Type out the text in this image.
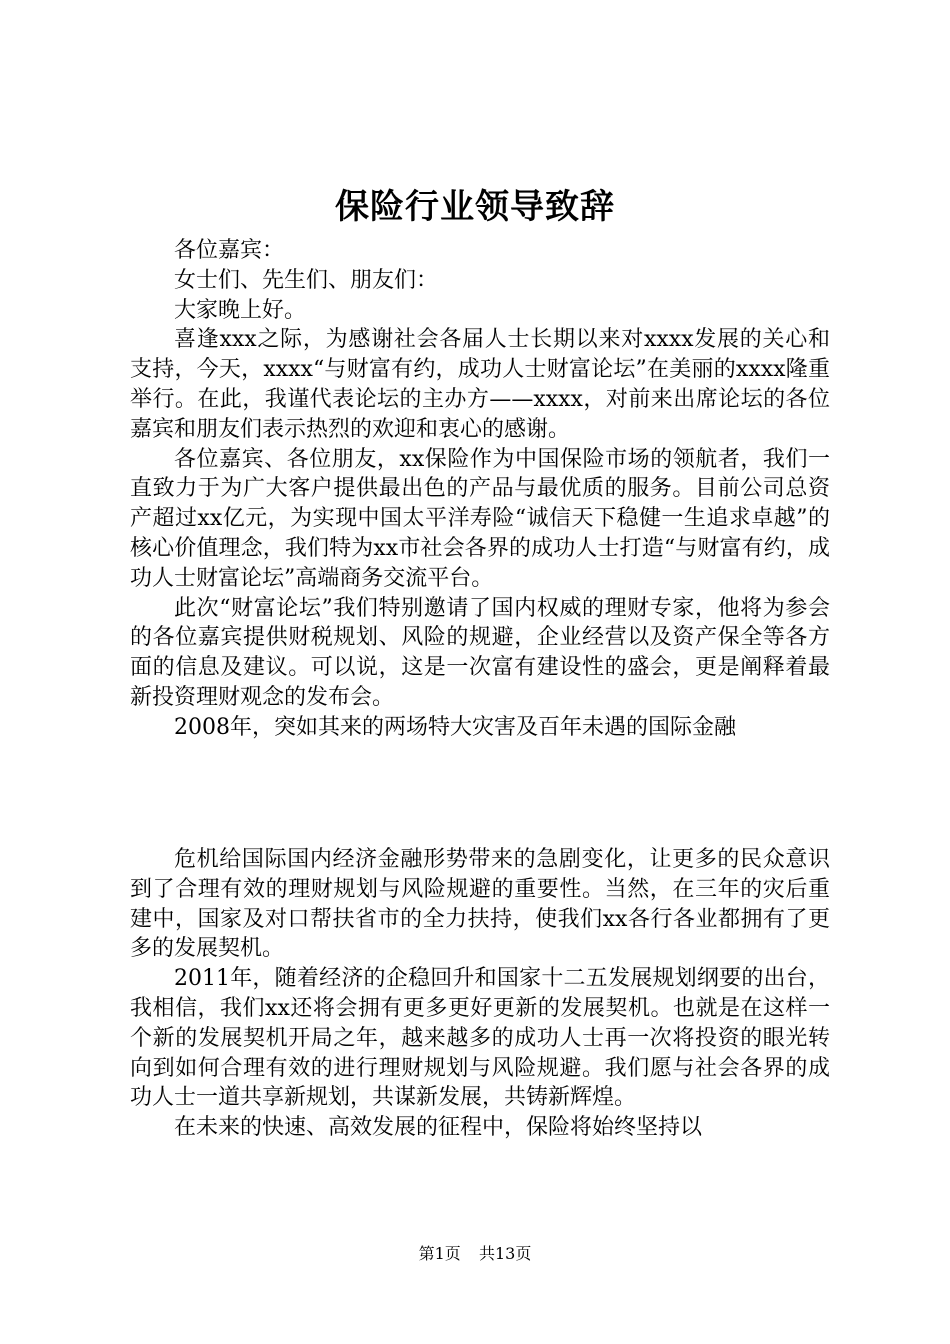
保险行业领导致辞

各位嘉宾：

女士们、先生们、朋友们：

大家晚上好。

喜逢xxx之际，为感谢社会各届人士长期以来对xxxx发展的关心和支持，今天，xxxx“与财富有约，成功人士财富论坛”在美丽的xxxx隆重举行。在此，我谨代表论坛的主办方——xxxx，对前来出席论坛的各位嘉宾和朋友们表示热烈的欢迎和衷心的感谢。

各位嘉宾、各位朋友，xx保险作为中国保险市场的领航者，我们一直致力于为广大客户提供最出色的产品与最优质的服务。目前公司总资产超过xx亿元，为实现中国太平洋寿险“诚信天下稳健一生追求卓越”的核心价值理念，我们特为xx市社会各界的成功人士打造“与财富有约，成功人士财富论坛”高端商务交流平台。

此次“财富论坛”我们特别邀请了国内权威的理财专家，他将为参会的各位嘉宾提供财税规划、风险的规避，企业经营以及资产保全等各方面的信息及建议。可以说，这是一次富有建设性的盛会，更是阐释着最新投资理财观念的发布会。

2008年，突如其来的两场特大灾害及百年未遇的国际金融

危机给国际国内经济金融形势带来的急剧变化，让更多的民众意识到了合理有效的理财规划与风险规避的重要性。当然，在三年的灾后重建中，国家及对口帮扶省市的全力扶持，使我们xx各行各业都拥有了更多的发展契机。

2011年，随着经济的企稳回升和国家十二五发展规划纲要的出台，我相信，我们xx还将会拥有更多更好更新的发展契机。也就是在这样一个新的发展契机开局之年，越来越多的成功人士再一次将投资的眼光转向到如何合理有效的进行理财规划与风险规避。我们愿与社会各界的成功人士一道共享新规划，共谋新发展，共铸新辉煌。

在未来的快速、高效发展的征程中，保险将始终坚持以

第1页 共13页
